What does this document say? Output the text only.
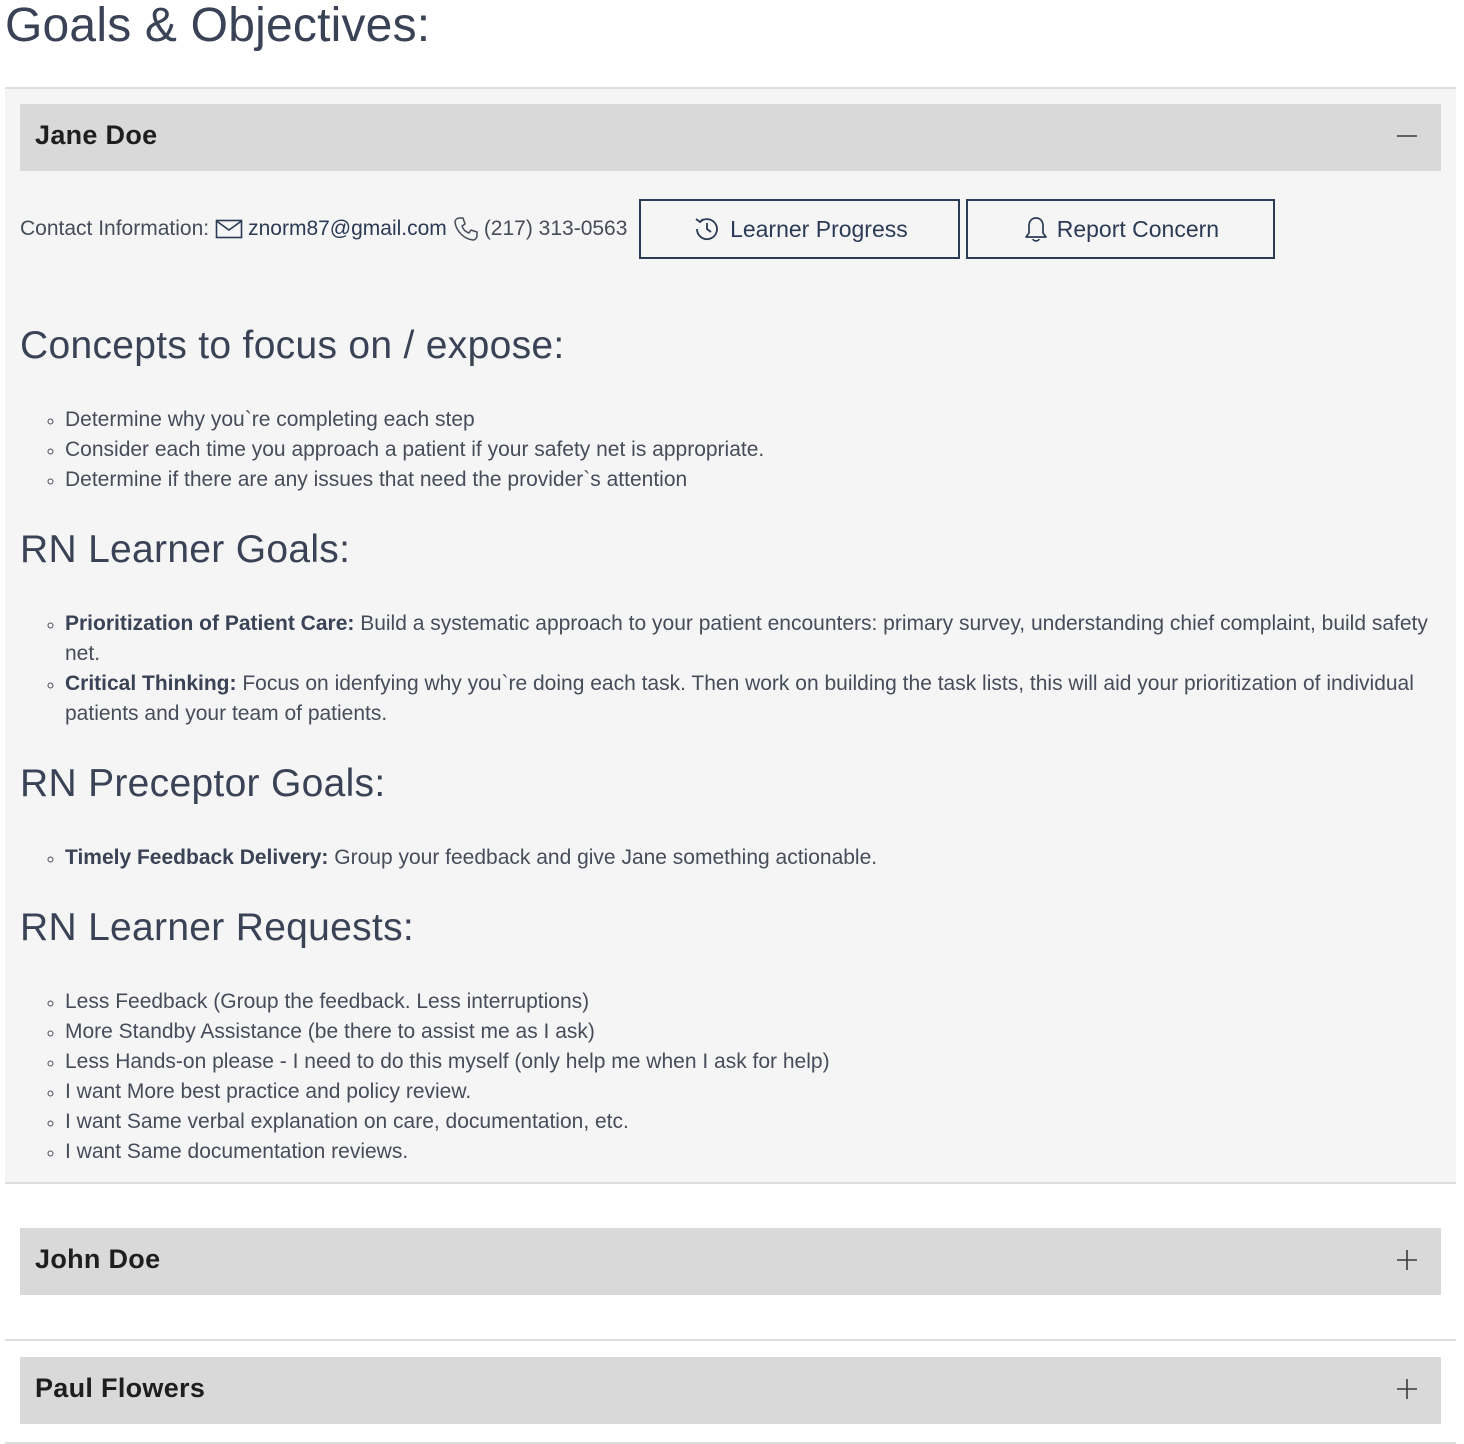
Goals & Objectives:
Jane Doe
Contact Information: znorm87@gmail.com (217) 313-0563	Learner Progress	Report Concern
Concepts to focus on / expose:
◦ Determine why you`re completing each step
◦ Consider each time you approach a patient if your safety net is appropriate.
◦ Determine if there are any issues that need the provider`s attention
RN Learner Goals:
◦ Prioritization of Patient Care: Build a systematic approach to your patient encounters: primary survey, understanding chief complaint, build safety net.
◦ Critical Thinking: Focus on idenfying why you`re doing each task. Then work on building the task lists, this will aid your prioritization of individual patients and your team of patients.
RN Preceptor Goals:
◦ Timely Feedback Delivery: Group your feedback and give Jane something actionable.
RN Learner Requests:
◦ Less Feedback (Group the feedback. Less interruptions)
◦ More Standby Assistance (be there to assist me as I ask)
◦ Less Hands-on please - I need to do this myself (only help me when I ask for help)
◦ I want More best practice and policy review.
◦ I want Same verbal explanation on care, documentation, etc.
◦ I want Same documentation reviews.
John Doe
Paul Flowers
